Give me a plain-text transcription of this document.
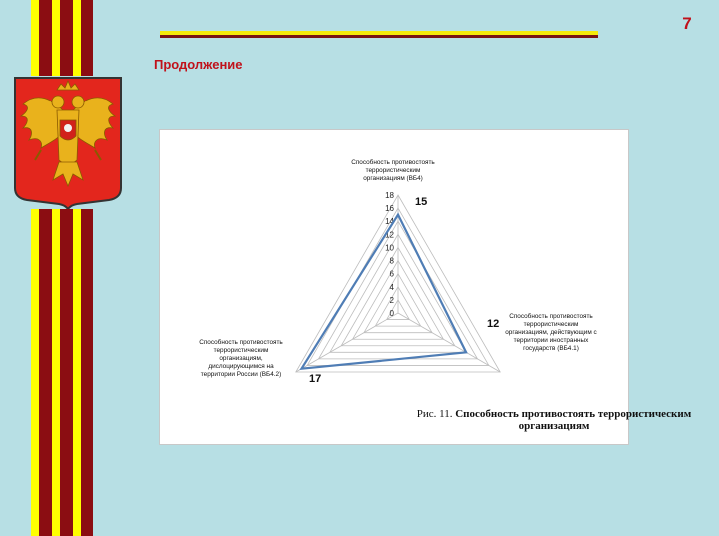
7
Продолжение
0
2
4
6
8
10
12
14
16
18
Способность противостоять
террористическим
организациям (ВБ4)
Способность противостоять
террористическим
организациям, действующим с
территории иностранных
государств (ВБ4.1)
Способность противостоять
террористическим
организациям,
дислоцирующимся на
территории России (ВБ4.2)
15
12
17
Рис. 11. Способность противостоять террористическим
организациям
